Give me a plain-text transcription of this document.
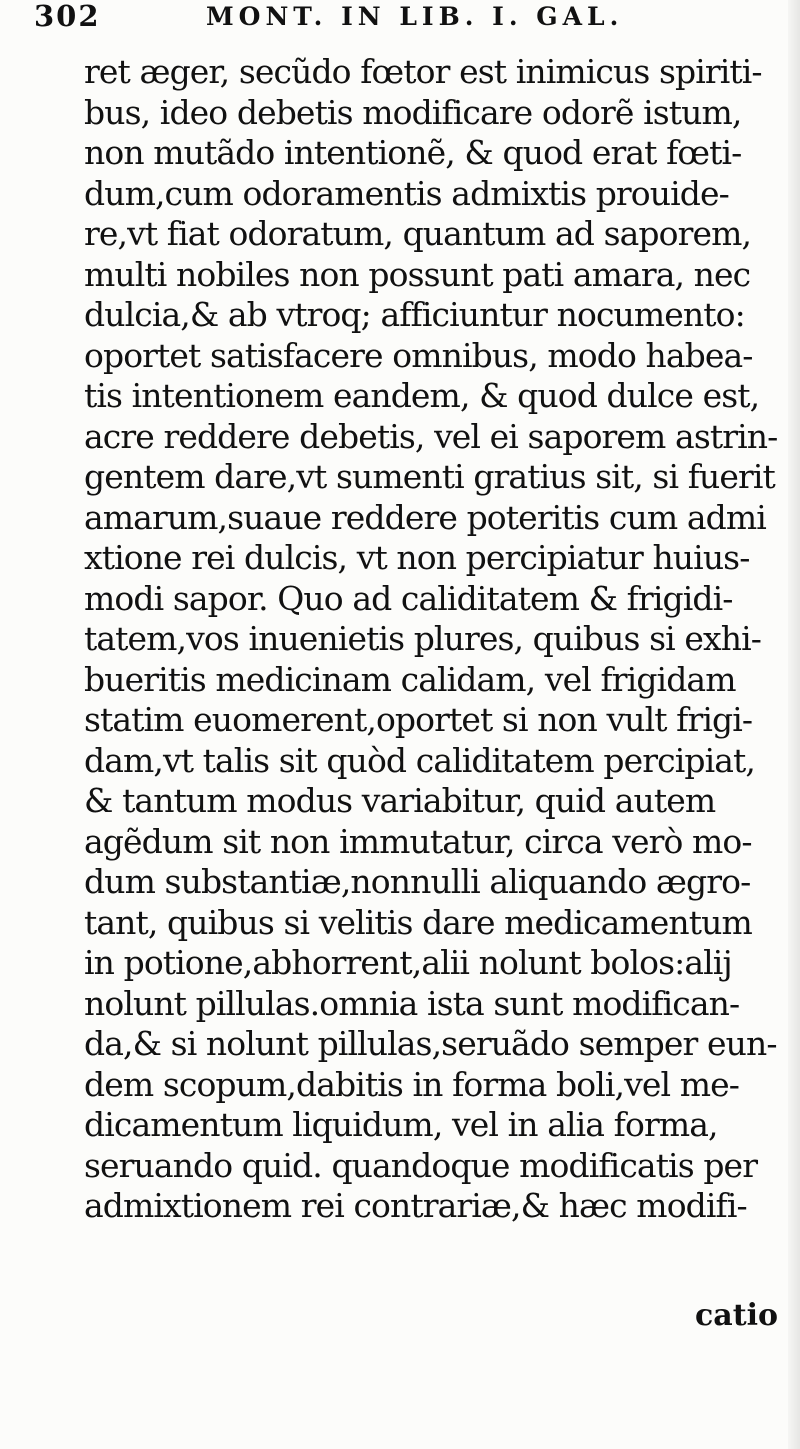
302	MONT. IN LIB. I. GAL.
ret æger, secũdo fœtor est inimicus spiriti-
bus, ideo debetis modificare odorẽ istum,
non mutãdo intentionẽ, & quod erat fœti-
dum,cum odoramentis admixtis prouide-
re,vt fiat odoratum, quantum ad saporem,
multi nobiles non possunt pati amara, nec
dulcia,& ab vtroq; afficiuntur nocumento:
oportet satisfacere omnibus, modo habea-
tis intentionem eandem, & quod dulce est,
acre reddere debetis, vel ei saporem astrin-
gentem dare,vt sumenti gratius sit, si fuerit
amarum,suaue reddere poteritis cum admi
xtione rei dulcis, vt non percipiatur huius-
modi sapor. Quo ad caliditatem & frigidi-
tatem,vos inuenietis plures, quibus si exhi-
bueritis medicinam calidam, vel frigidam
statim euomerent,oportet si non vult frigi-
dam,vt talis sit quòd caliditatem percipiat,
& tantum modus variabitur, quid autem
agẽdum sit non immutatur, circa verò mo-
dum substantiæ,nonnulli aliquando ægro-
tant, quibus si velitis dare medicamentum
in potione,abhorrent,alii nolunt bolos:alij
nolunt pillulas.omnia ista sunt modifican-
da,& si nolunt pillulas,seruãdo semper eun-
dem scopum,dabitis in forma boli,vel me-
dicamentum liquidum, vel in alia forma,
seruando quid. quandoque modificatis per
admixtionem rei contrariæ,& hæc modifi-
catio
